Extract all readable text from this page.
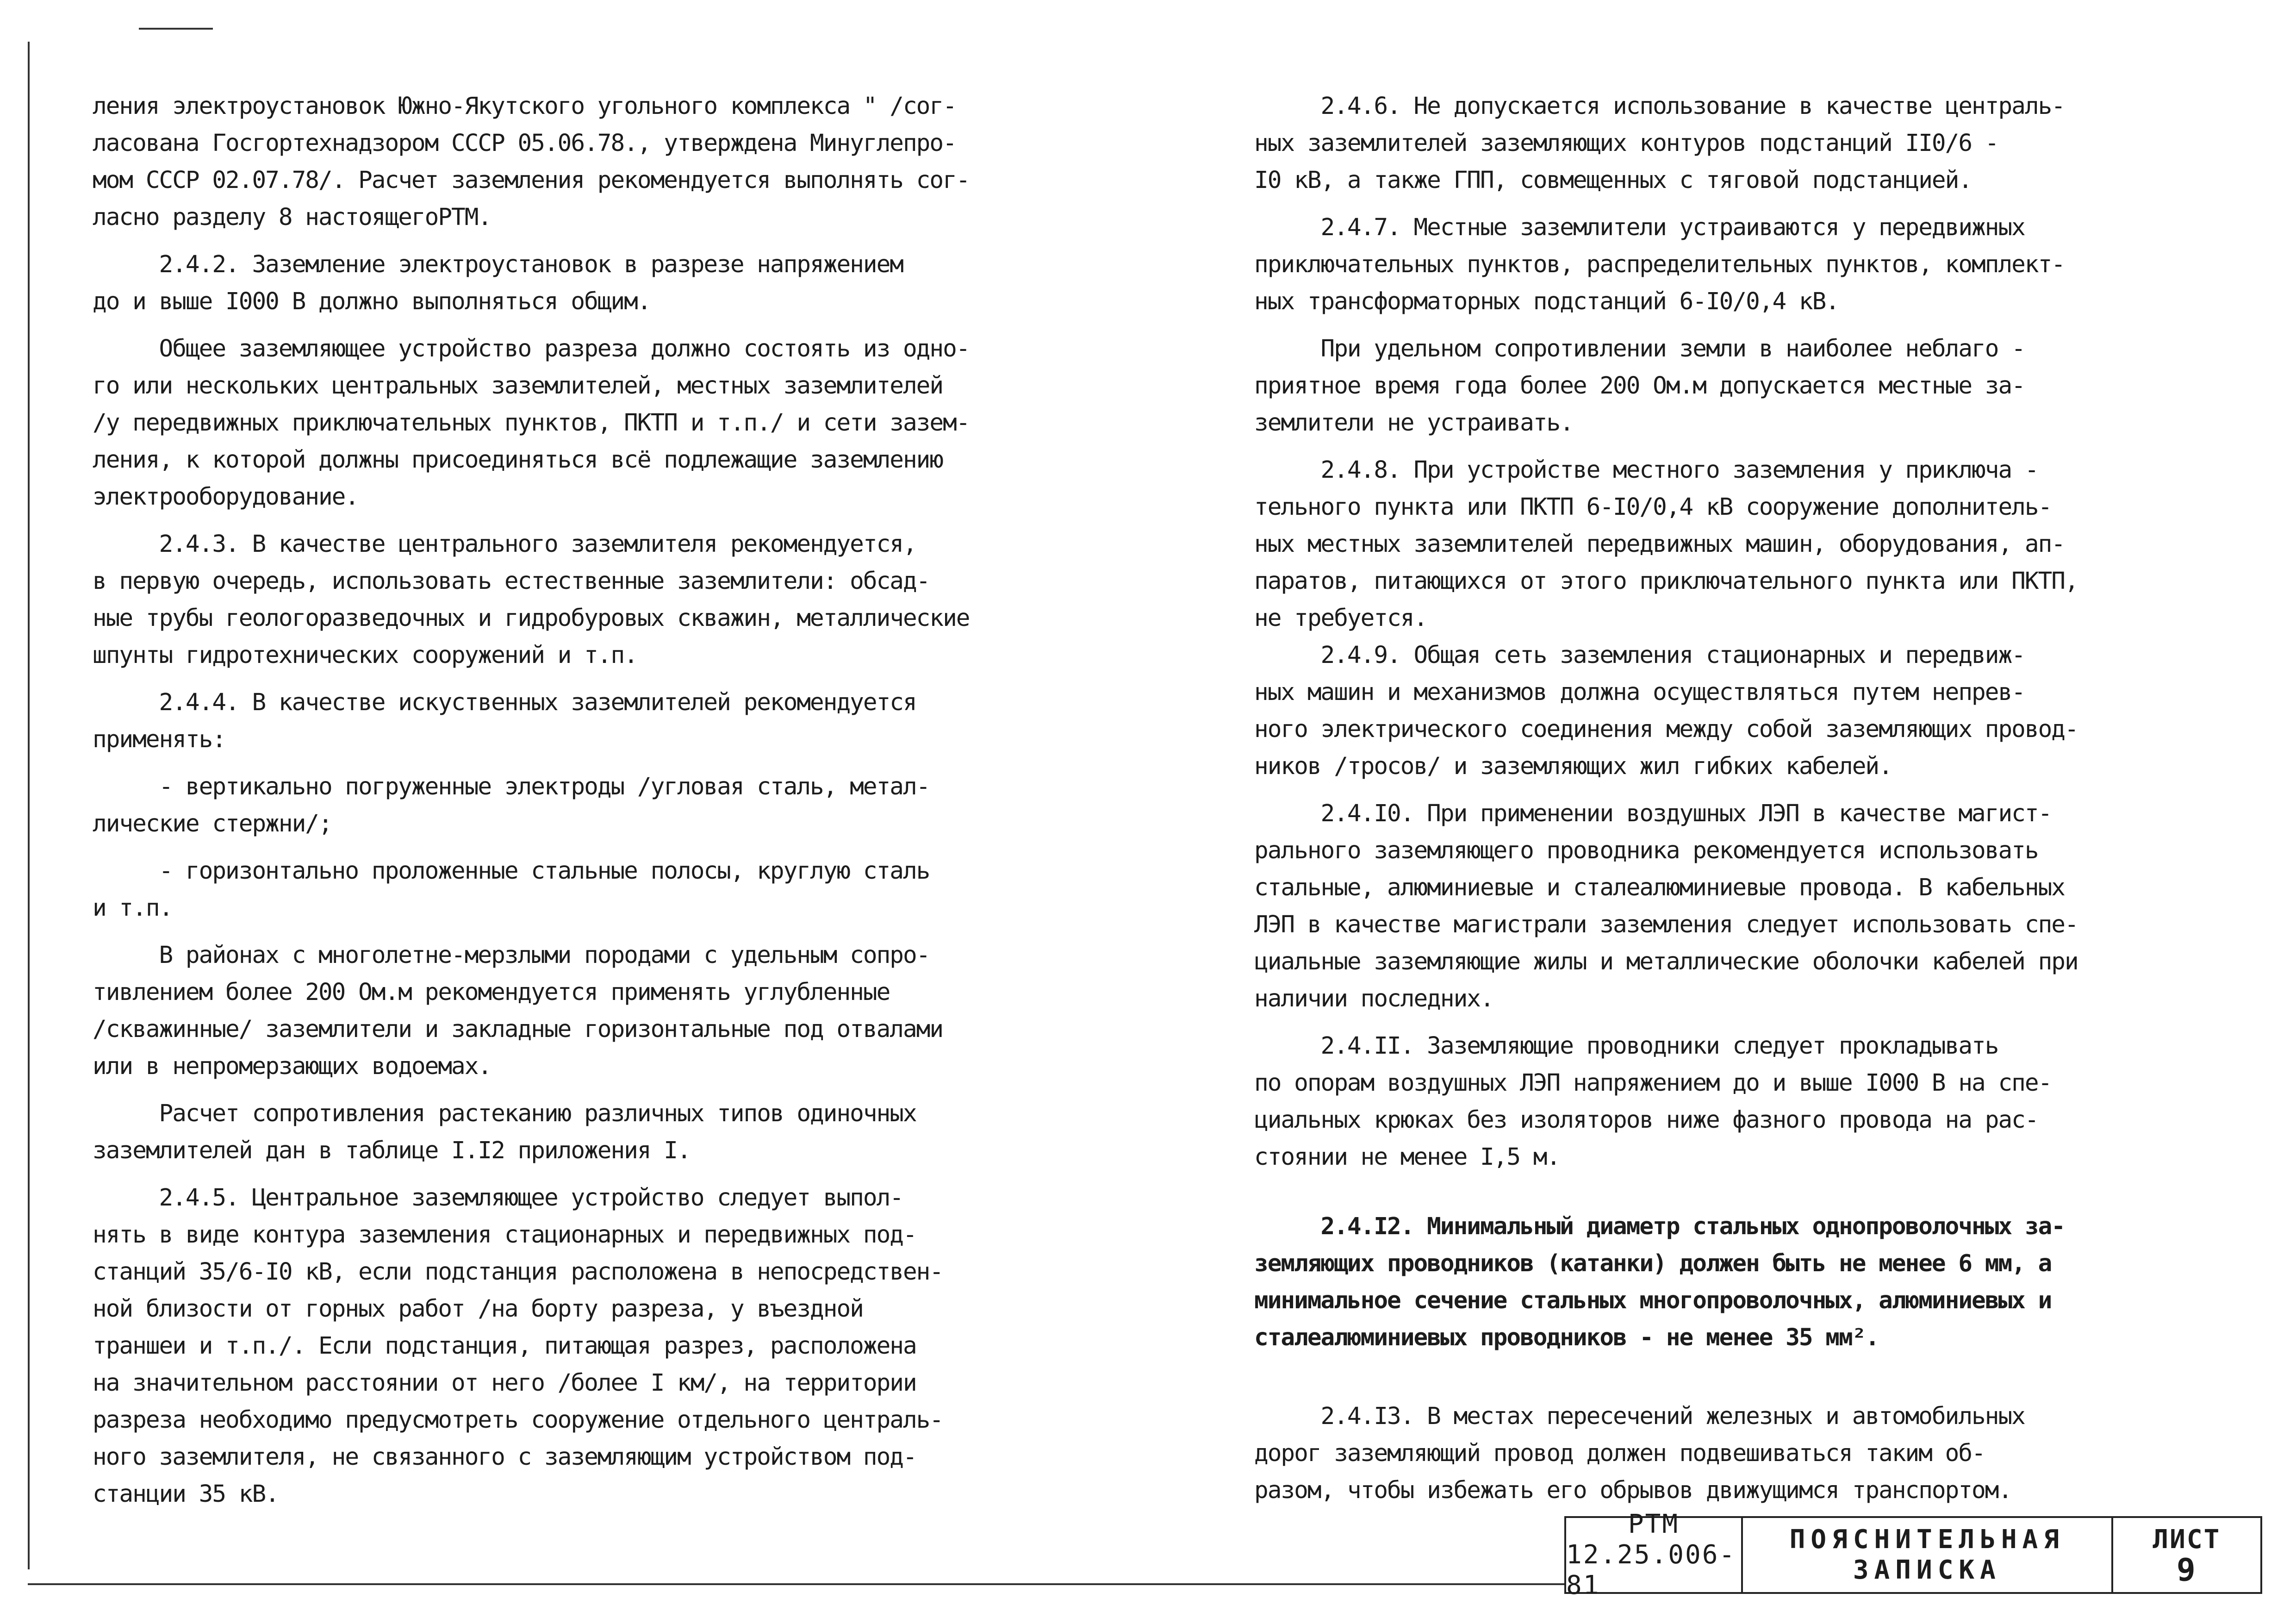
ления электроустановок Южно-Якутского угольного комплекса " /сог-
ласована Госгортехнадзором СССР 05.06.78., утверждена Минуглепро-
мом СССР 02.07.78/. Расчет заземления рекомендуется выполнять сог-
ласно разделу 8 настоящегоРТМ.
2.4.2. Заземление электроустановок в разрезе напряжением
до и выше I000 В должно выполняться общим.
Общее заземляющее устройство разреза должно состоять из одно-
го или нескольких центральных заземлителей, местных заземлителей
/у передвижных приключательных пунктов, ПКТП и т.п./ и сети зазем-
ления, к которой должны присоединяться всё подлежащие заземлению
электрооборудование.
2.4.3. В качестве центрального заземлителя рекомендуется,
в первую очередь, использовать естественные заземлители: обсад-
ные трубы геологоразведочных и гидробуровых скважин, металлические
шпунты гидротехнических сооружений и т.п.
2.4.4. В качестве искуственных заземлителей рекомендуется
применять:
- вертикально погруженные электроды /угловая сталь, метал-
лические стержни/;
- горизонтально проложенные стальные полосы, круглую сталь
и т.п.
В районах с многолетне-мерзлыми породами с удельным сопро-
тивлением более 200 Ом.м рекомендуется применять углубленные
/скважинные/ заземлители и закладные горизонтальные под отвалами
или в непромерзающих водоемах.
Расчет сопротивления растеканию различных типов одиночных
заземлителей дан в таблице I.I2 приложения I.
2.4.5. Центральное заземляющее устройство следует выпол-
нять в виде контура заземления стационарных и передвижных под-
станций 35/6-I0 кВ, если подстанция расположена в непосредствен-
ной близости от горных работ /на борту разреза, у въездной
траншеи и т.п./. Если подстанция, питающая разрез, расположена
на значительном расстоянии от него /более I км/, на территории
разреза необходимо предусмотреть сооружение отдельного централь-
ного заземлителя, не связанного с заземляющим устройством под-
станции 35 кВ.
2.4.6. Не допускается использование в качестве централь-
ных заземлителей заземляющих контуров подстанций II0/6 -
I0 кВ, а также ГПП, совмещенных с тяговой подстанцией.
2.4.7. Местные заземлители устраиваются у передвижных
приключательных пунктов, распределительных пунктов, комплект-
ных трансформаторных подстанций 6-I0/0,4 кВ.
При удельном сопротивлении земли в наиболее неблаго -
приятное время года более 200 Ом.м допускается местные за-
землители не устраивать.
2.4.8. При устройстве местного заземления у приключа -
тельного пункта или ПКТП 6-I0/0,4 кВ сооружение дополнитель-
ных местных заземлителей передвижных машин, оборудования, ап-
паратов, питающихся от этого приключательного пункта или ПКТП,
не требуется.
2.4.9. Общая сеть заземления стационарных и передвиж-
ных машин и механизмов должна осуществляться путем непрев-
ного электрического соединения между собой заземляющих провод-
ников /тросов/ и заземляющих жил гибких кабелей.
2.4.I0. При применении воздушных ЛЭП в качестве магист-
рального заземляющего проводника рекомендуется использовать
стальные, алюминиевые и сталеалюминиевые провода. В кабельных
ЛЭП в качестве магистрали заземления следует использовать спе-
циальные заземляющие жилы и металлические оболочки кабелей при
наличии последних.
2.4.II. Заземляющие проводники следует прокладывать
по опорам воздушных ЛЭП напряжением до и выше I000 В на спе-
циальных крюках без изоляторов ниже фазного провода на рас-
стоянии не менее I,5 м.
2.4.I2. Минимальный диаметр стальных однопроволочных за-
земляющих проводников (катанки) должен быть не менее 6 мм, а
минимальное сечение стальных многопроволочных, алюминиевых и
сталеалюминиевых проводников - не менее 35 мм².
2.4.I3. В местах пересечений железных и автомобильных
дорог заземляющий провод должен подвешиваться таким об-
разом, чтобы избежать его обрывов движущимся транспортом.
РТМ
12.25.006-81
ПОЯСНИТЕЛЬНАЯ
ЗАПИСКА
ЛИСТ
9
